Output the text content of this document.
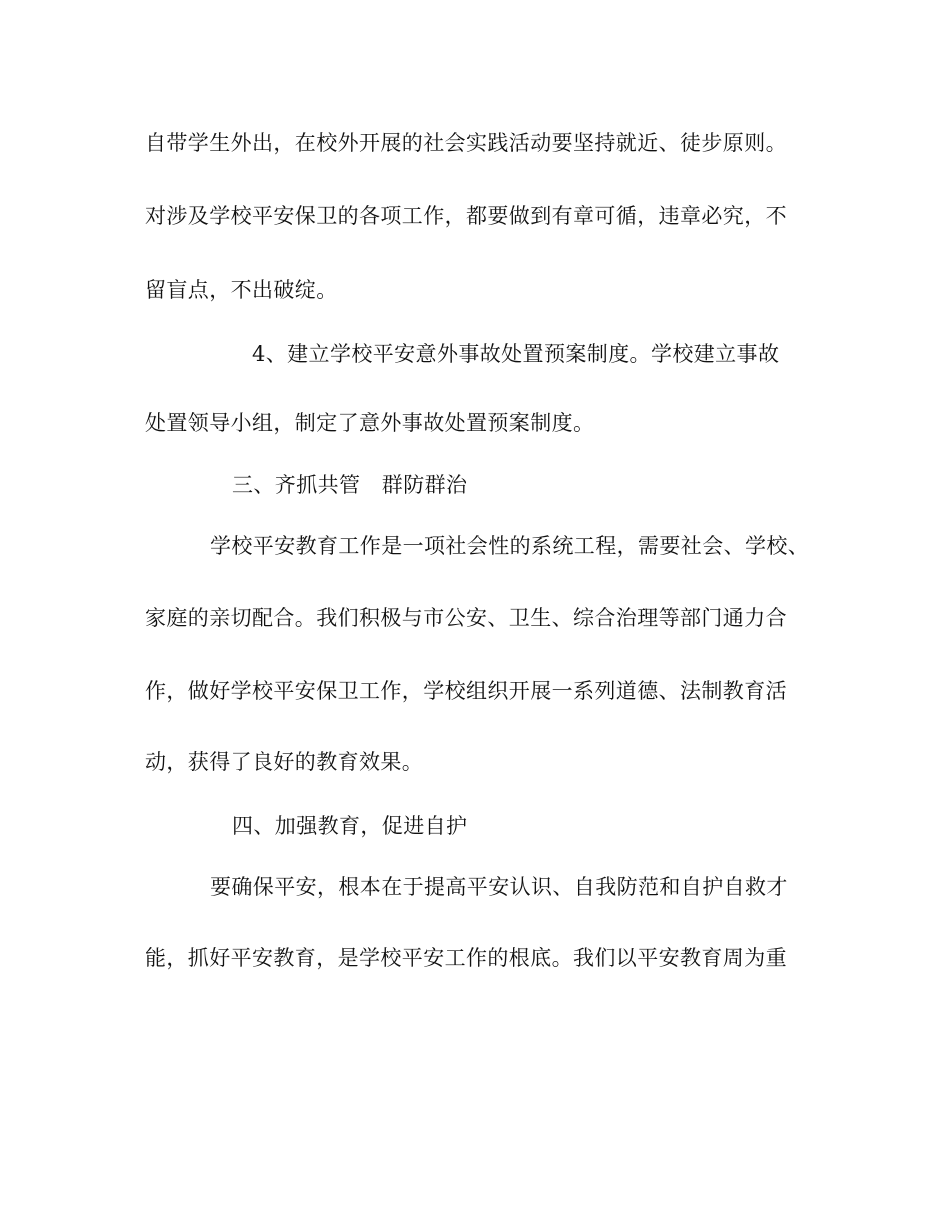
自带学生外出，在校外开展的社会实践活动要坚持就近、徒步原则。
对涉及学校平安保卫的各项工作，都要做到有章可循，违章必究，不
留盲点，不出破绽。
4、建立学校平安意外事故处置预案制度。学校建立事故
处置领导小组，制定了意外事故处置预案制度。
三、齐抓共管　群防群治
学校平安教育工作是一项社会性的系统工程，需要社会、学校、
家庭的亲切配合。我们积极与市公安、卫生、综合治理等部门通力合
作，做好学校平安保卫工作，学校组织开展一系列道德、法制教育活
动，获得了良好的教育效果。
四、加强教育，促进自护
要确保平安，根本在于提高平安认识、自我防范和自护自救才
能，抓好平安教育，是学校平安工作的根底。我们以平安教育周为重
